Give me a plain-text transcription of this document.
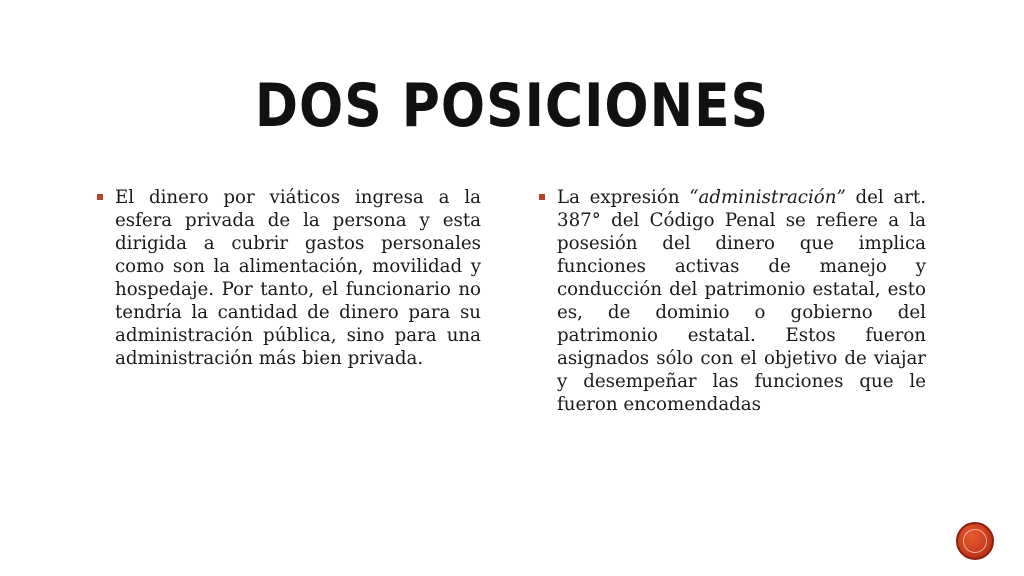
DOS POSICIONES

El dinero por viáticos ingresa a la esfera privada de la persona y esta dirigida a cubrir gastos personales como son la alimentación, movilidad y hospedaje. Por tanto, el funcionario no tendría la cantidad de dinero para su administración pública, sino para una administración más bien privada.

La expresión “administración” del art. 387° del Código Penal se refiere a la posesión del dinero que implica funciones activas de manejo y conducción del patrimonio estatal, esto es, de dominio o gobierno del patrimonio estatal. Estos fueron asignados sólo con el objetivo de viajar y desempeñar las funciones que le fueron encomendadas
